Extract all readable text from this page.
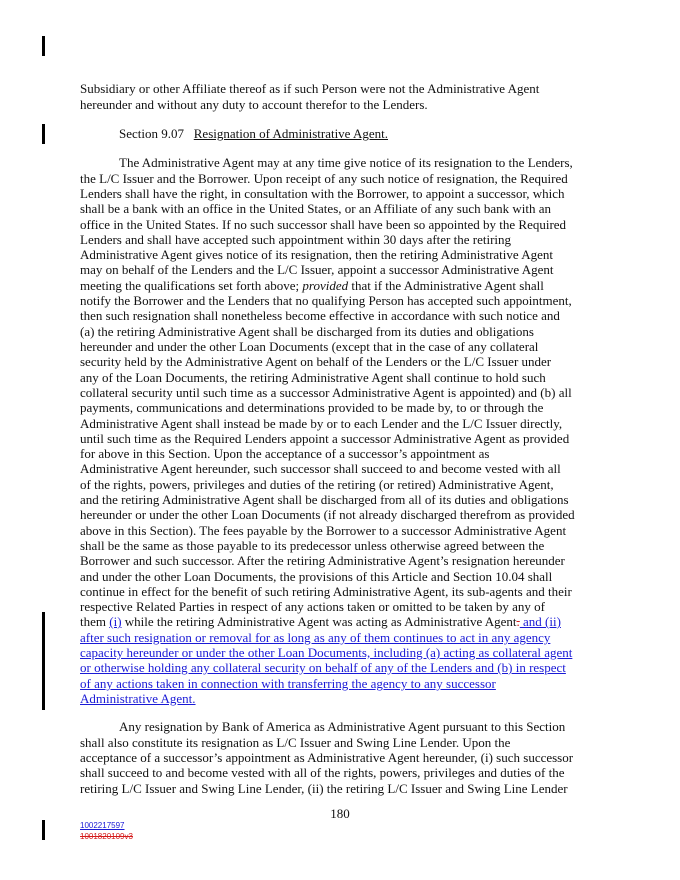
Subsidiary or other Affiliate thereof as if such Person were not the Administrative Agent
hereunder and without any duty to account therefor to the Lenders.
Section 9.07 Resignation of Administrative Agent.
The Administrative Agent may at any time give notice of its resignation to the Lenders,
the L/C Issuer and the Borrower. Upon receipt of any such notice of resignation, the Required
Lenders shall have the right, in consultation with the Borrower, to appoint a successor, which
shall be a bank with an office in the United States, or an Affiliate of any such bank with an
office in the United States. If no such successor shall have been so appointed by the Required
Lenders and shall have accepted such appointment within 30 days after the retiring
Administrative Agent gives notice of its resignation, then the retiring Administrative Agent
may on behalf of the Lenders and the L/C Issuer, appoint a successor Administrative Agent
meeting the qualifications set forth above; provided that if the Administrative Agent shall
notify the Borrower and the Lenders that no qualifying Person has accepted such appointment,
then such resignation shall nonetheless become effective in accordance with such notice and
(a) the retiring Administrative Agent shall be discharged from its duties and obligations
hereunder and under the other Loan Documents (except that in the case of any collateral
security held by the Administrative Agent on behalf of the Lenders or the L/C Issuer under
any of the Loan Documents, the retiring Administrative Agent shall continue to hold such
collateral security until such time as a successor Administrative Agent is appointed) and (b) all
payments, communications and determinations provided to be made by, to or through the
Administrative Agent shall instead be made by or to each Lender and the L/C Issuer directly,
until such time as the Required Lenders appoint a successor Administrative Agent as provided
for above in this Section. Upon the acceptance of a successor’s appointment as
Administrative Agent hereunder, such successor shall succeed to and become vested with all
of the rights, powers, privileges and duties of the retiring (or retired) Administrative Agent,
and the retiring Administrative Agent shall be discharged from all of its duties and obligations
hereunder or under the other Loan Documents (if not already discharged therefrom as provided
above in this Section). The fees payable by the Borrower to a successor Administrative Agent
shall be the same as those payable to its predecessor unless otherwise agreed between the
Borrower and such successor. After the retiring Administrative Agent’s resignation hereunder
and under the other Loan Documents, the provisions of this Article and Section 10.04 shall
continue in effect for the benefit of such retiring Administrative Agent, its sub-agents and their
respective Related Parties in respect of any actions taken or omitted to be taken by any of
them (i) while the retiring Administrative Agent was acting as Administrative Agent. and (ii)
after such resignation or removal for as long as any of them continues to act in any agency
capacity hereunder or under the other Loan Documents, including (a) acting as collateral agent
or otherwise holding any collateral security on behalf of any of the Lenders and (b) in respect
of any actions taken in connection with transferring the agency to any successor
Administrative Agent.
Any resignation by Bank of America as Administrative Agent pursuant to this Section
shall also constitute its resignation as L/C Issuer and Swing Line Lender. Upon the
acceptance of a successor’s appointment as Administrative Agent hereunder, (i) such successor
shall succeed to and become vested with all of the rights, powers, privileges and duties of the
retiring L/C Issuer and Swing Line Lender, (ii) the retiring L/C Issuer and Swing Line Lender
180
1002217597
1001820109v3
